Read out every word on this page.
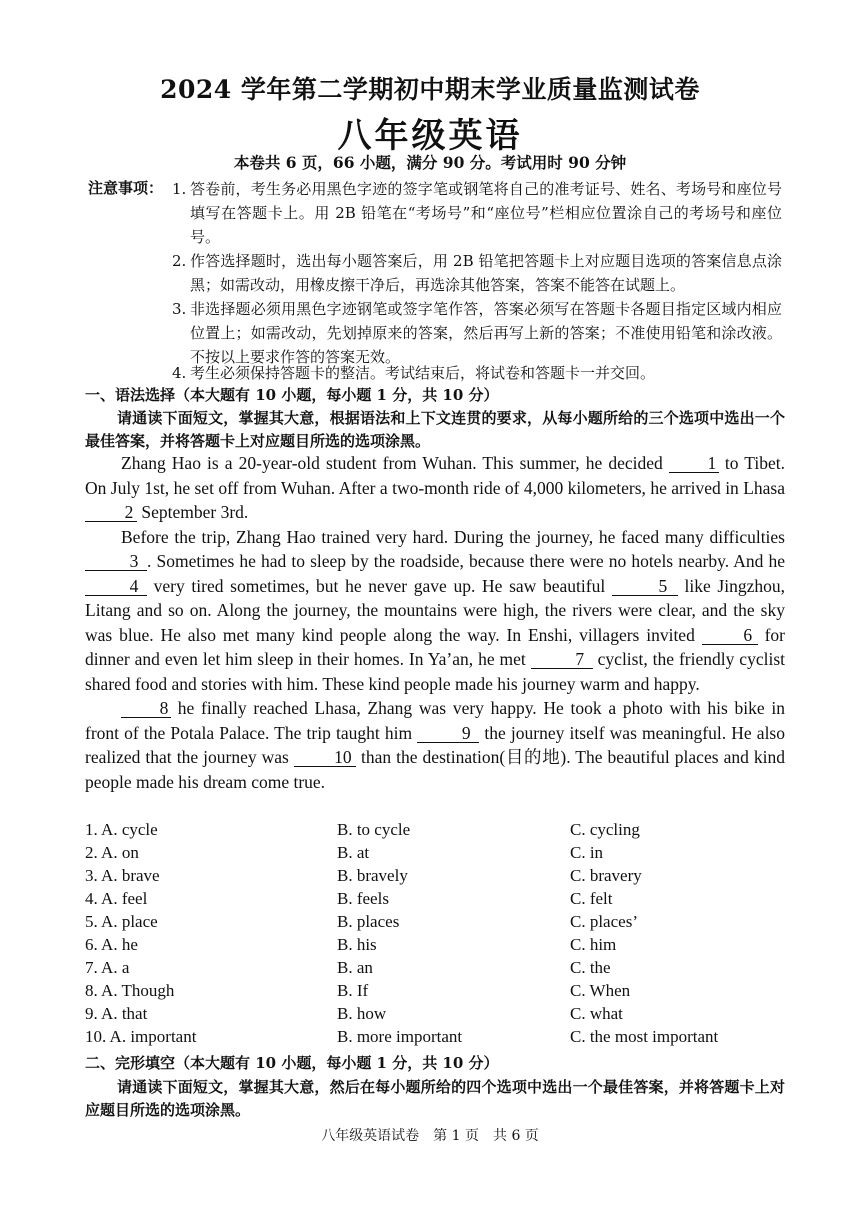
2024 学年第二学期初中期末学业质量监测试卷
八年级英语
本卷共 6 页，66 小题，满分 90 分。考试用时 90 分钟
注意事项： 1. 答卷前，考生务必用黑色字迹的签字笔或钢笔将自己的准考证号、姓名、考场号和座位号填写在答题卡上。用 2B 铅笔在“考场号”和“座位号”栏相应位置涂自己的考场号和座位号。
2. 作答选择题时，选出每小题答案后，用 2B 铅笔把答题卡上对应题目选项的答案信息点涂黑；如需改动，用橡皮擦干净后，再选涂其他答案，答案不能答在试题上。
3. 非选择题必须用黑色字迹钢笔或签字笔作答，答案必须写在答题卡各题目指定区域内相应位置上；如需改动，先划掉原来的答案，然后再写上新的答案；不准使用铅笔和涂改液。不按以上要求作答的答案无效。
4. 考生必须保持答题卡的整洁。考试结束后，将试卷和答题卡一并交回。
一、语法选择（本大题有 10 小题，每小题 1 分，共 10 分）
请通读下面短文，掌握其大意，根据语法和上下文连贯的要求，从每小题所给的三个选项中选出一个最佳答案，并将答题卡上对应题目所选的选项涂黑。

Zhang Hao is a 20-year-old student from Wuhan. This summer, he decided 1 to Tibet. On July 1st, he set off from Wuhan. After a two-month ride of 4,000 kilometers, he arrived in Lhasa 2 September 3rd.

Before the trip, Zhang Hao trained very hard. During the journey, he faced many difficulties 3 . Sometimes he had to sleep by the roadside, because there were no hotels nearby. And he 4 very tired sometimes, but he never gave up. He saw beautiful	5 like Jingzhou, Litang and so on. Along the journey, the mountains were high, the rivers were clear, and the sky was blue. He also met many kind people along the way. In Enshi, villagers invited 6 for dinner and even let him sleep in their homes. In Ya’an, he met	7 cyclist, the friendly cyclist shared food and stories with him. These kind people made his journey warm and happy.

8 he finally reached Lhasa, Zhang was very happy. He took a photo with his bike in front of the Potala Palace. The trip taught him	9 the journey itself was meaningful. He also realized that the journey was 10 than the destination(目的地). The beautiful places and kind people made his dream come true.

1. A. cycle	B. to cycle	C. cycling
2. A. on	B. at	C. in
3. A. brave	B. bravely	C. bravery
4. A. feel	B. feels	C. felt
5. A. place	B. places	C. places’
6. A. he	B. his	C. him
7. A. a	B. an	C. the
8. A. Though	B. If	C. When
9. A. that	B. how	C. what
10. A. important	B. more important	C. the most important
二、完形填空（本大题有 10 小题，每小题 1 分，共 10 分）
请通读下面短文，掌握其大意，然后在每小题所给的四个选项中选出一个最佳答案，并将答题卡上对应题目所选的选项涂黑。
八年级英语试卷　第 1 页　共 6 页
